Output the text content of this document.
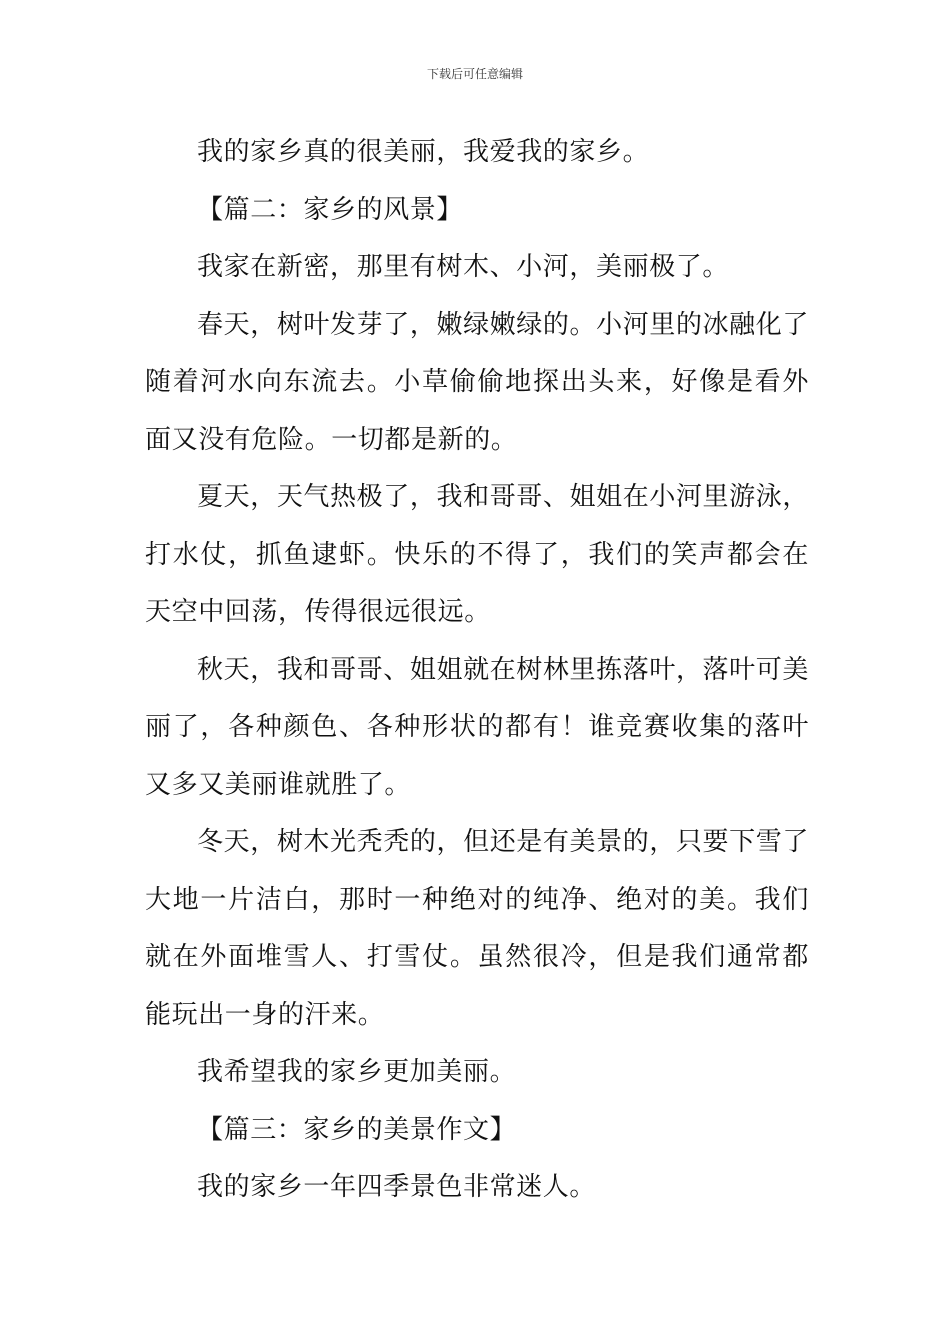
下载后可任意编辑

我的家乡真的很美丽，我爱我的家乡。

【篇二：家乡的风景】

我家在新密，那里有树木、小河，美丽极了。

春天，树叶发芽了，嫩绿嫩绿的。小河里的冰融化了随着河水向东流去。小草偷偷地探出头来，好像是看外面又没有危险。一切都是新的。

夏天，天气热极了，我和哥哥、姐姐在小河里游泳，打水仗，抓鱼逮虾。快乐的不得了，我们的笑声都会在天空中回荡，传得很远很远。

秋天，我和哥哥、姐姐就在树林里拣落叶，落叶可美丽了，各种颜色、各种形状的都有！谁竞赛收集的落叶又多又美丽谁就胜了。

冬天，树木光秃秃的，但还是有美景的，只要下雪了大地一片洁白，那时一种绝对的纯净、绝对的美。我们就在外面堆雪人、打雪仗。虽然很冷，但是我们通常都能玩出一身的汗来。

我希望我的家乡更加美丽。

【篇三：家乡的美景作文】

我的家乡一年四季景色非常迷人。
